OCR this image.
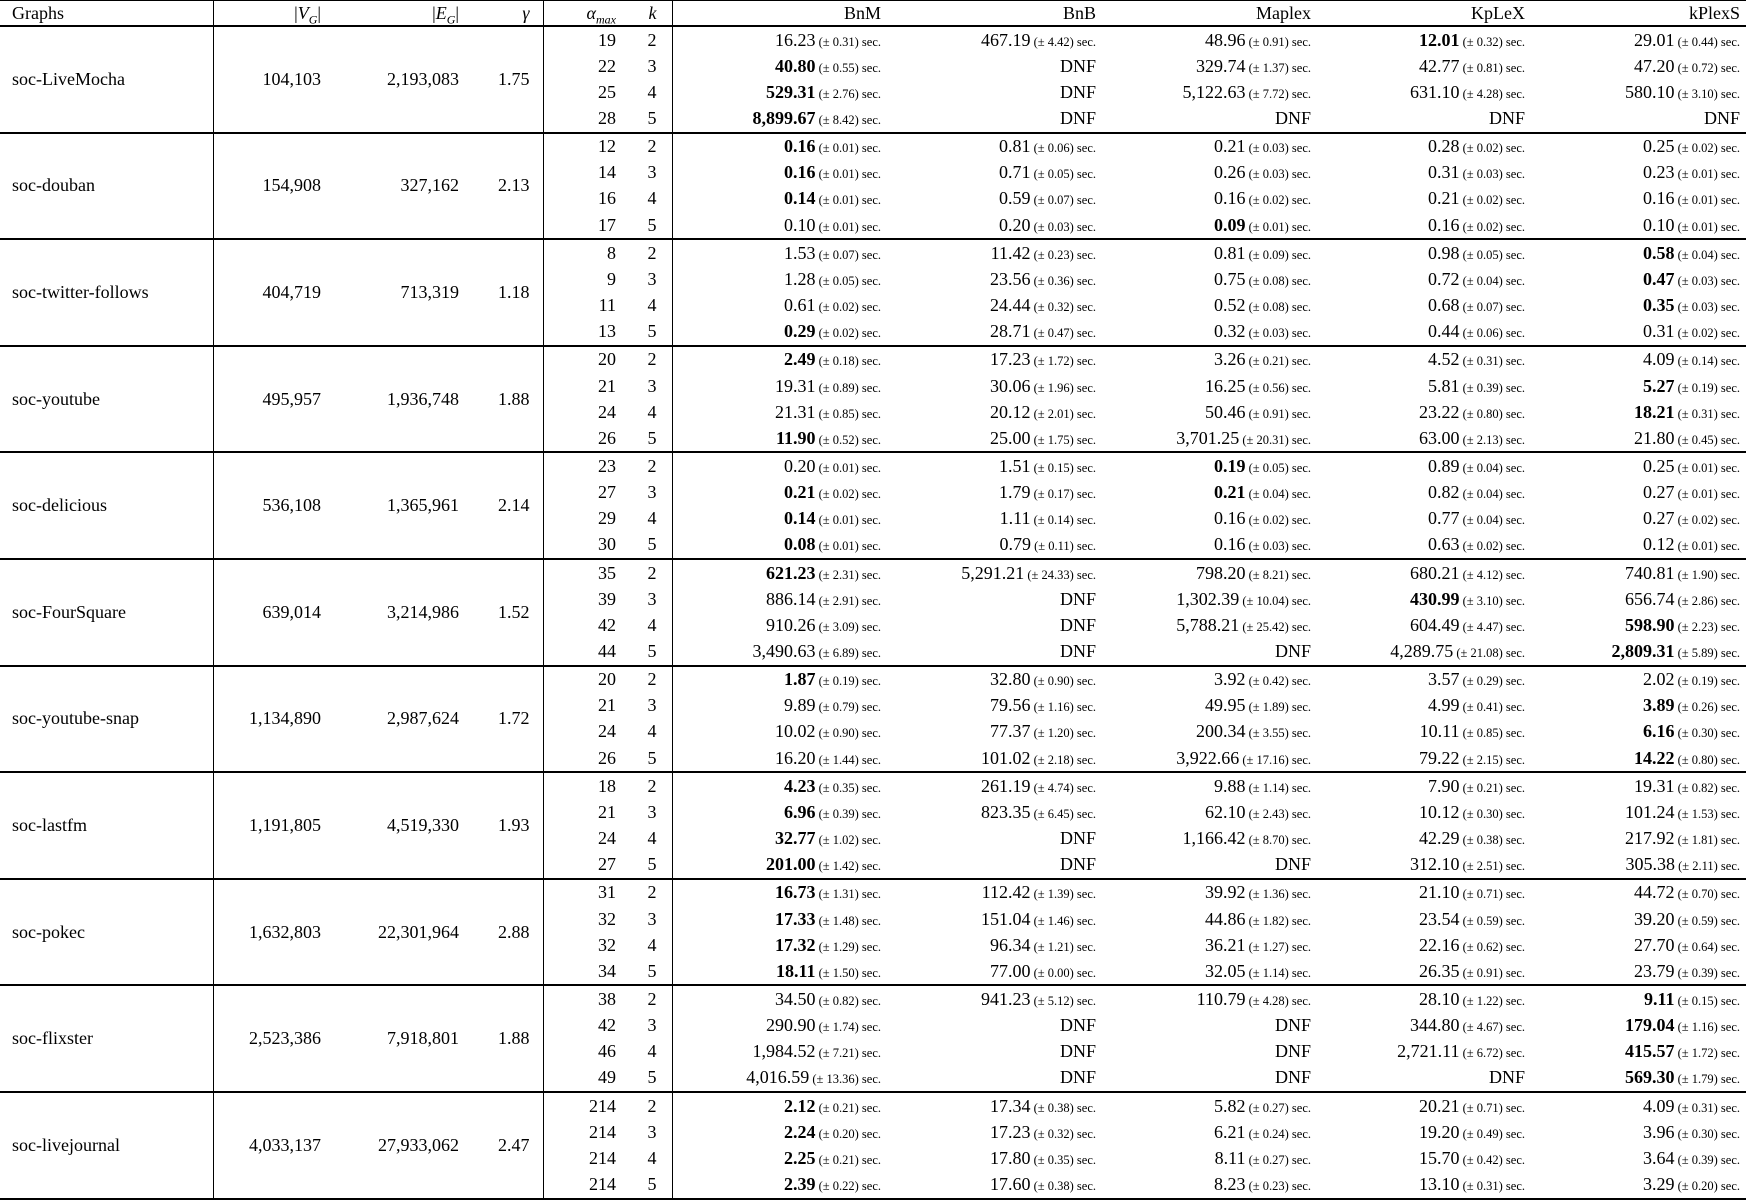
Graphs	$|V_G|$	$|E_G|$	γ	$\alpha_{max}$	k	BnM	BnB	Maplex	KpLeX	kPlexS
soc-LiveMocha	104,103	2,193,083	1.75	19	2	16.23 (± 0.31) sec.	467.19 (± 4.42) sec.	48.96 (± 0.91) sec.	12.01 (± 0.32) sec.	29.01 (± 0.44) sec.
				22	3	40.80 (± 0.55) sec.	DNF	329.74 (± 1.37) sec.	42.77 (± 0.81) sec.	47.20 (± 0.72) sec.
				25	4	529.31 (± 2.76) sec.	DNF	5,122.63 (± 7.72) sec.	631.10 (± 4.28) sec.	580.10 (± 3.10) sec.
				28	5	8,899.67 (± 8.42) sec.	DNF	DNF	DNF	DNF
soc-douban	154,908	327,162	2.13	12	2	0.16 (± 0.01) sec.	0.81 (± 0.06) sec.	0.21 (± 0.03) sec.	0.28 (± 0.02) sec.	0.25 (± 0.02) sec.
				14	3	0.16 (± 0.01) sec.	0.71 (± 0.05) sec.	0.26 (± 0.03) sec.	0.31 (± 0.03) sec.	0.23 (± 0.01) sec.
				16	4	0.14 (± 0.01) sec.	0.59 (± 0.07) sec.	0.16 (± 0.02) sec.	0.21 (± 0.02) sec.	0.16 (± 0.01) sec.
				17	5	0.10 (± 0.01) sec.	0.20 (± 0.03) sec.	0.09 (± 0.01) sec.	0.16 (± 0.02) sec.	0.10 (± 0.01) sec.
soc-twitter-follows	404,719	713,319	1.18	8	2	1.53 (± 0.07) sec.	11.42 (± 0.23) sec.	0.81 (± 0.09) sec.	0.98 (± 0.05) sec.	0.58 (± 0.04) sec.
				9	3	1.28 (± 0.05) sec.	23.56 (± 0.36) sec.	0.75 (± 0.08) sec.	0.72 (± 0.04) sec.	0.47 (± 0.03) sec.
				11	4	0.61 (± 0.02) sec.	24.44 (± 0.32) sec.	0.52 (± 0.08) sec.	0.68 (± 0.07) sec.	0.35 (± 0.03) sec.
				13	5	0.29 (± 0.02) sec.	28.71 (± 0.47) sec.	0.32 (± 0.03) sec.	0.44 (± 0.06) sec.	0.31 (± 0.02) sec.
soc-youtube	495,957	1,936,748	1.88	20	2	2.49 (± 0.18) sec.	17.23 (± 1.72) sec.	3.26 (± 0.21) sec.	4.52 (± 0.31) sec.	4.09 (± 0.14) sec.
				21	3	19.31 (± 0.89) sec.	30.06 (± 1.96) sec.	16.25 (± 0.56) sec.	5.81 (± 0.39) sec.	5.27 (± 0.19) sec.
				24	4	21.31 (± 0.85) sec.	20.12 (± 2.01) sec.	50.46 (± 0.91) sec.	23.22 (± 0.80) sec.	18.21 (± 0.31) sec.
				26	5	11.90 (± 0.52) sec.	25.00 (± 1.75) sec.	3,701.25 (± 20.31) sec.	63.00 (± 2.13) sec.	21.80 (± 0.45) sec.
soc-delicious	536,108	1,365,961	2.14	23	2	0.20 (± 0.01) sec.	1.51 (± 0.15) sec.	0.19 (± 0.05) sec.	0.89 (± 0.04) sec.	0.25 (± 0.01) sec.
				27	3	0.21 (± 0.02) sec.	1.79 (± 0.17) sec.	0.21 (± 0.04) sec.	0.82 (± 0.04) sec.	0.27 (± 0.01) sec.
				29	4	0.14 (± 0.01) sec.	1.11 (± 0.14) sec.	0.16 (± 0.02) sec.	0.77 (± 0.04) sec.	0.27 (± 0.02) sec.
				30	5	0.08 (± 0.01) sec.	0.79 (± 0.11) sec.	0.16 (± 0.03) sec.	0.63 (± 0.02) sec.	0.12 (± 0.01) sec.
soc-FourSquare	639,014	3,214,986	1.52	35	2	621.23 (± 2.31) sec.	5,291.21 (± 24.33) sec.	798.20 (± 8.21) sec.	680.21 (± 4.12) sec.	740.81 (± 1.90) sec.
				39	3	886.14 (± 2.91) sec.	DNF	1,302.39 (± 10.04) sec.	430.99 (± 3.10) sec.	656.74 (± 2.86) sec.
				42	4	910.26 (± 3.09) sec.	DNF	5,788.21 (± 25.42) sec.	604.49 (± 4.47) sec.	598.90 (± 2.23) sec.
				44	5	3,490.63 (± 6.89) sec.	DNF	DNF	4,289.75 (± 21.08) sec.	2,809.31 (± 5.89) sec.
soc-youtube-snap	1,134,890	2,987,624	1.72	20	2	1.87 (± 0.19) sec.	32.80 (± 0.90) sec.	3.92 (± 0.42) sec.	3.57 (± 0.29) sec.	2.02 (± 0.19) sec.
				21	3	9.89 (± 0.79) sec.	79.56 (± 1.16) sec.	49.95 (± 1.89) sec.	4.99 (± 0.41) sec.	3.89 (± 0.26) sec.
				24	4	10.02 (± 0.90) sec.	77.37 (± 1.20) sec.	200.34 (± 3.55) sec.	10.11 (± 0.85) sec.	6.16 (± 0.30) sec.
				26	5	16.20 (± 1.44) sec.	101.02 (± 2.18) sec.	3,922.66 (± 17.16) sec.	79.22 (± 2.15) sec.	14.22 (± 0.80) sec.
soc-lastfm	1,191,805	4,519,330	1.93	18	2	4.23 (± 0.35) sec.	261.19 (± 4.74) sec.	9.88 (± 1.14) sec.	7.90 (± 0.21) sec.	19.31 (± 0.82) sec.
				21	3	6.96 (± 0.39) sec.	823.35 (± 6.45) sec.	62.10 (± 2.43) sec.	10.12 (± 0.30) sec.	101.24 (± 1.53) sec.
				24	4	32.77 (± 1.02) sec.	DNF	1,166.42 (± 8.70) sec.	42.29 (± 0.38) sec.	217.92 (± 1.81) sec.
				27	5	201.00 (± 1.42) sec.	DNF	DNF	312.10 (± 2.51) sec.	305.38 (± 2.11) sec.
soc-pokec	1,632,803	22,301,964	2.88	31	2	16.73 (± 1.31) sec.	112.42 (± 1.39) sec.	39.92 (± 1.36) sec.	21.10 (± 0.71) sec.	44.72 (± 0.70) sec.
				32	3	17.33 (± 1.48) sec.	151.04 (± 1.46) sec.	44.86 (± 1.82) sec.	23.54 (± 0.59) sec.	39.20 (± 0.59) sec.
				32	4	17.32 (± 1.29) sec.	96.34 (± 1.21) sec.	36.21 (± 1.27) sec.	22.16 (± 0.62) sec.	27.70 (± 0.64) sec.
				34	5	18.11 (± 1.50) sec.	77.00 (± 0.00) sec.	32.05 (± 1.14) sec.	26.35 (± 0.91) sec.	23.79 (± 0.39) sec.
soc-flixster	2,523,386	7,918,801	1.88	38	2	34.50 (± 0.82) sec.	941.23 (± 5.12) sec.	110.79 (± 4.28) sec.	28.10 (± 1.22) sec.	9.11 (± 0.15) sec.
				42	3	290.90 (± 1.74) sec.	DNF	DNF	344.80 (± 4.67) sec.	179.04 (± 1.16) sec.
				46	4	1,984.52 (± 7.21) sec.	DNF	DNF	2,721.11 (± 6.72) sec.	415.57 (± 1.72) sec.
				49	5	4,016.59 (± 13.36) sec.	DNF	DNF	DNF	569.30 (± 1.79) sec.
soc-livejournal	4,033,137	27,933,062	2.47	214	2	2.12 (± 0.21) sec.	17.34 (± 0.38) sec.	5.82 (± 0.27) sec.	20.21 (± 0.71) sec.	4.09 (± 0.31) sec.
				214	3	2.24 (± 0.20) sec.	17.23 (± 0.32) sec.	6.21 (± 0.24) sec.	19.20 (± 0.49) sec.	3.96 (± 0.30) sec.
				214	4	2.25 (± 0.21) sec.	17.80 (± 0.35) sec.	8.11 (± 0.27) sec.	15.70 (± 0.42) sec.	3.64 (± 0.39) sec.
				214	5	2.39 (± 0.22) sec.	17.60 (± 0.38) sec.	8.23 (± 0.23) sec.	13.10 (± 0.31) sec.	3.29 (± 0.20) sec.
